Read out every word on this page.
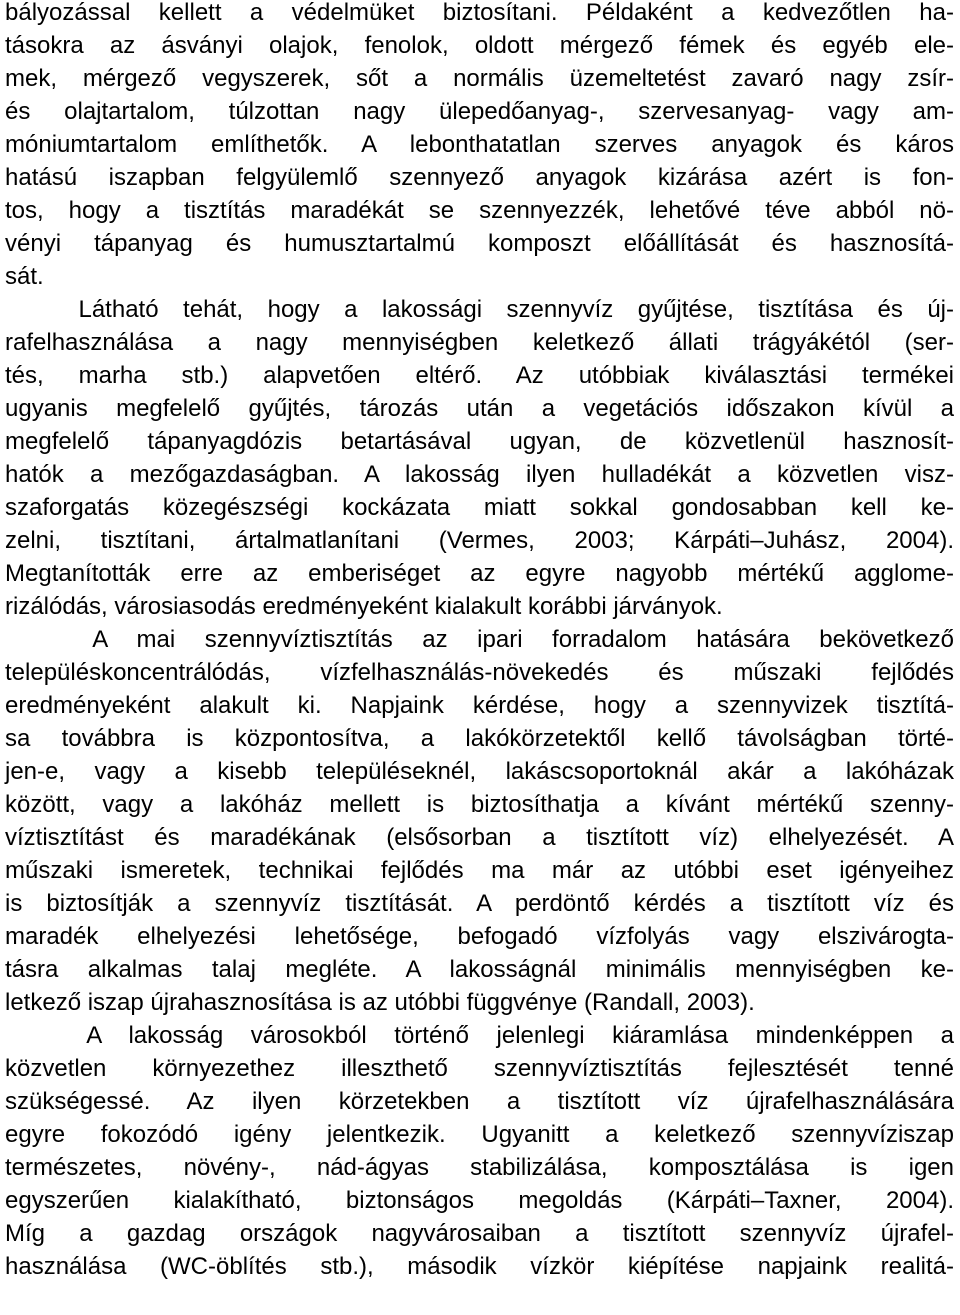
bályozással kellett a védelmüket biztosítani. Példaként a kedvezőtlen ha-
tásokra az ásványi olajok, fenolok, oldott mérgező fémek és egyéb ele-
mek, mérgező vegyszerek, sőt a normális üzemeltetést zavaró nagy zsír-
és olajtartalom, túlzottan nagy ülepedőanyag-, szervesanyag- vagy am-
móniumtartalom említhetők. A lebonthatatlan szerves anyagok és káros
hatású iszapban felgyülemlő szennyező anyagok kizárása azért is fon-
tos, hogy a tisztítás maradékát se szennyezzék, lehetővé téve abból nö-
vényi tápanyag és humusztartalmú komposzt előállítását és hasznosítá-
sát.
Látható tehát, hogy a lakossági szennyvíz gyűjtése, tisztítása és új-
rafelhasználása a nagy mennyiségben keletkező állati trágyákétól (ser-
tés, marha stb.) alapvetően eltérő. Az utóbbiak kiválasztási termékei
ugyanis megfelelő gyűjtés, tározás után a vegetációs időszakon kívül a
megfelelő tápanyagdózis betartásával ugyan, de közvetlenül hasznosít-
hatók a mezőgazdaságban. A lakosság ilyen hulladékát a közvetlen visz-
szaforgatás közegészségi kockázata miatt sokkal gondosabban kell ke-
zelni, tisztítani, ártalmatlanítani (Vermes, 2003; Kárpáti–Juhász, 2004).
Megtanították erre az emberiséget az egyre nagyobb mértékű agglome-
rizálódás, városiasodás eredményeként kialakult korábbi járványok.
A mai szennyvíztisztítás az ipari forradalom hatására bekövetkező
településkoncentrálódás, vízfelhasználás-növekedés és műszaki fejlődés
eredményeként alakult ki. Napjaink kérdése, hogy a szennyvizek tisztítá-
sa továbbra is központosítva, a lakókörzetektől kellő távolságban törté-
jen-e, vagy a kisebb településeknél, lakáscsoportoknál akár a lakóházak
között, vagy a lakóház mellett is biztosíthatja a kívánt mértékű szenny-
víztisztítást és maradékának (elsősorban a tisztított víz) elhelyezését. A
műszaki ismeretek, technikai fejlődés ma már az utóbbi eset igényeihez
is biztosítják a szennyvíz tisztítását. A perdöntő kérdés a tisztított víz és
maradék elhelyezési lehetősége, befogadó vízfolyás vagy elszivárogta-
tásra alkalmas talaj megléte. A lakosságnál minimális mennyiségben ke-
letkező iszap újrahasznosítása is az utóbbi függvénye (Randall, 2003).
A lakosság városokból történő jelenlegi kiáramlása mindenképpen a
közvetlen környezethez illeszthető szennyvíztisztítás fejlesztését tenné
szükségessé. Az ilyen körzetekben a tisztított víz újrafelhasználására
egyre fokozódó igény jelentkezik. Ugyanitt a keletkező szennyvíziszap
természetes, növény-, nád-ágyas stabilizálása, komposztálása is igen
egyszerűen kialakítható, biztonságos megoldás (Kárpáti–Taxner, 2004).
Míg a gazdag országok nagyvárosaiban a tisztított szennyvíz újrafel-
használása (WC-öblítés stb.), második vízkör kiépítése napjaink realitá-
